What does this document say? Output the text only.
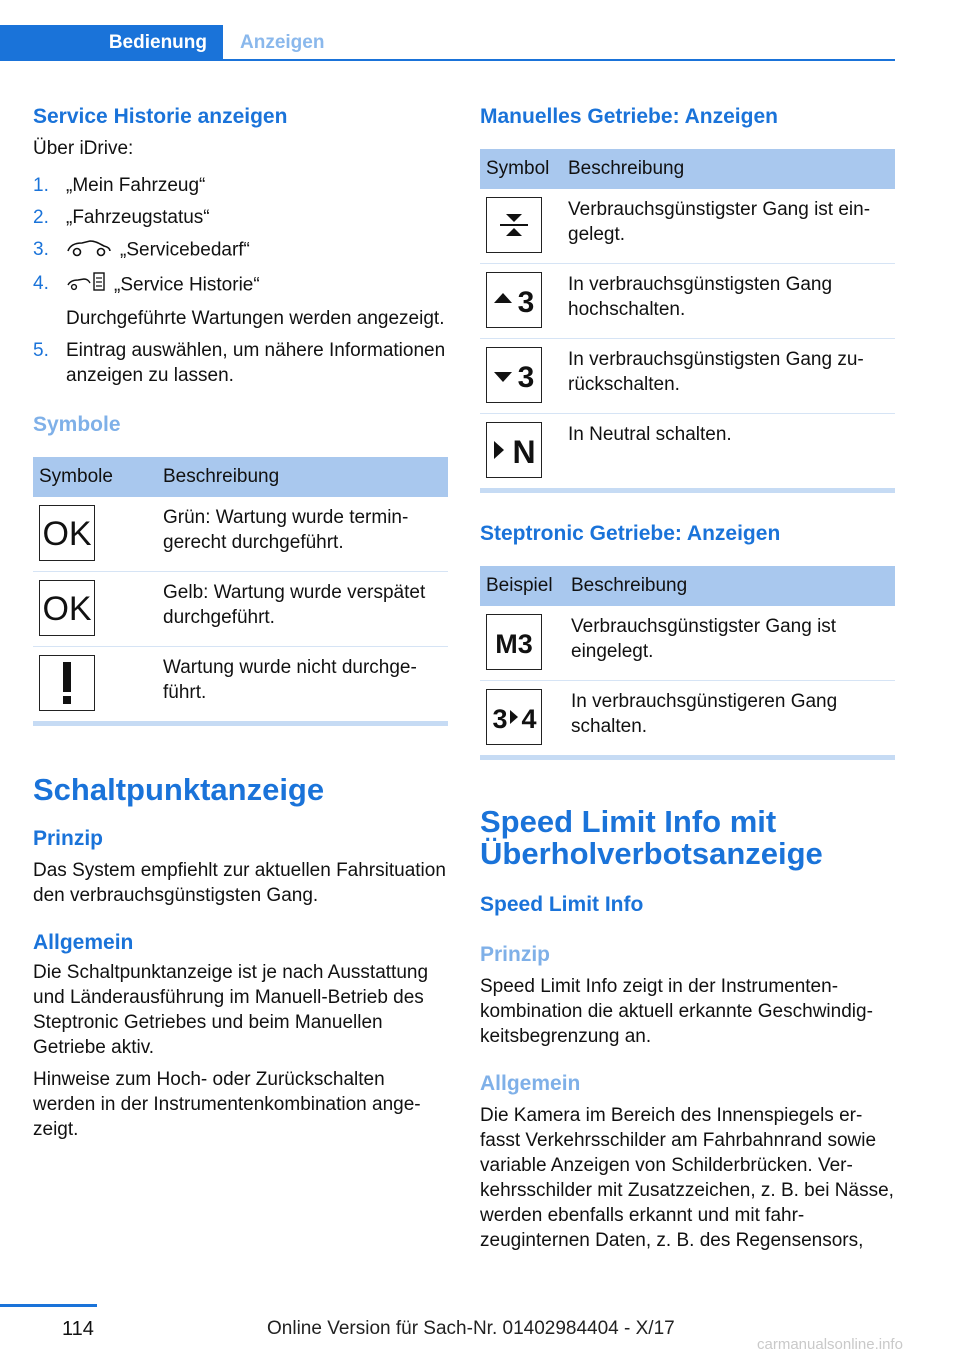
Bedienung	Anzeigen
Service Historie anzeigen
Über iDrive:
1. „Mein Fahrzeug“
2. „Fahrzeugstatus“
3.	„Servicebedarf“
4.	„Service Historie“
Durchgeführte Wartungen werden angezeigt.
5. Eintrag auswählen, um nähere Informationen anzeigen zu lassen.
Symbole
Symbole	Beschreibung

OK	Grün: Wartung wurde termingerecht durchgeführt.

OK	Gelb: Wartung wurde verspätet durchgeführt.

	Wartung wurde nicht durchgeführt.
Schaltpunktanzeige
Prinzip
Das System empfiehlt zur aktuellen Fahrsituation den verbrauchsgünstigsten Gang.
Allgemein
Die Schaltpunktanzeige ist je nach Ausstattung und Länderausführung im Manuell-Betrieb des Steptronic Getriebes und beim Manuellen Getriebe aktiv.
Hinweise zum Hoch- oder Zurückschalten werden in der Instrumentenkombination angezeigt.
Manuelles Getriebe: Anzeigen
Symbol	Beschreibung

	Verbrauchsgünstigster Gang ist eingelegt.

3	In verbrauchsgünstigsten Gang hochschalten.

3	In verbrauchsgünstigsten Gang zurückschalten.

N	In Neutral schalten.
Steptronic Getriebe: Anzeigen
Beispiel	Beschreibung

M3	Verbrauchsgünstigster Gang ist eingelegt.

3 4	In verbrauchsgünstigeren Gang schalten.
Speed Limit Info mit Überholverbotsanzeige
Speed Limit Info
Prinzip
Speed Limit Info zeigt in der Instrumentenkombination die aktuell erkannte Geschwindigkeitsbegrenzung an.
Allgemein
Die Kamera im Bereich des Innenspiegels erfasst Verkehrsschilder am Fahrbahnrand sowie variable Anzeigen von Schilderbrücken. Verkehrsschilder mit Zusatzzeichen, z. B. bei Nässe, werden ebenfalls erkannt und mit fahrzeuginternen Daten, z. B. des Regensensors,
114	Online Version für Sach-Nr. 01402984404 - X/17
carmanualsonline.info
